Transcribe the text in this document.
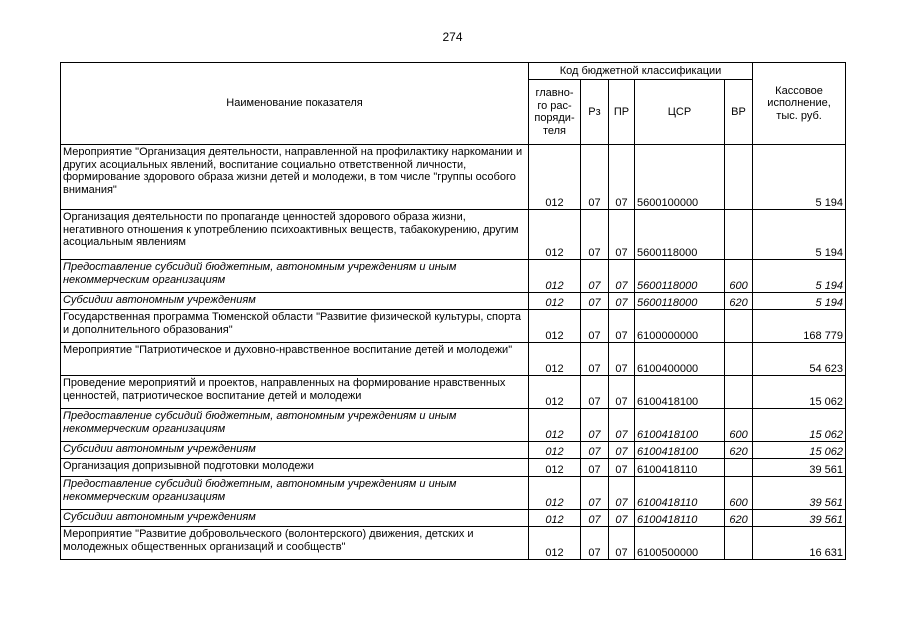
274
Наименование показателя	Код бюджетной классификации					Кассовое исполнение, тыс. руб.
	главно-го рас-поряди-теля	Рз	ПР	ЦСР	ВР	
Мероприятие "Организация деятельности, направленной на профилактику наркомании и других асоциальных явлений, воспитание социально ответственной личности, формирование здорового образа жизни детей и молодежи, в том числе "группы особого внимания"	012	07	07	5600100000		5 194
Организация деятельности по пропаганде ценностей здорового образа жизни, негативного отношения к употреблению психоактивных веществ, табакокурению, другим асоциальным явлениям	012	07	07	5600118000		5 194
Предоставление субсидий бюджетным, автономным учреждениям и иным некоммерческим организациям	012	07	07	5600118000	600	5 194
Субсидии автономным учреждениям	012	07	07	5600118000	620	5 194
Государственная программа Тюменской области "Развитие физической культуры, спорта и дополнительного образования"	012	07	07	6100000000		168 779
Мероприятие "Патриотическое и духовно-нравственное воспитание детей и молодежи"	012	07	07	6100400000		54 623
Проведение мероприятий и проектов, направленных на формирование нравственных ценностей, патриотическое воспитание детей и молодежи	012	07	07	6100418100		15 062
Предоставление субсидий бюджетным, автономным учреждениям и иным некоммерческим организациям	012	07	07	6100418100	600	15 062
Субсидии автономным учреждениям	012	07	07	6100418100	620	15 062
Организация допризывной подготовки молодежи	012	07	07	6100418110		39 561
Предоставление субсидий бюджетным, автономным учреждениям и иным некоммерческим организациям	012	07	07	6100418110	600	39 561
Субсидии автономным учреждениям	012	07	07	6100418110	620	39 561
Мероприятие "Развитие добровольческого (волонтерского) движения, детских и молодежных общественных организаций и сообществ"	012	07	07	6100500000		16 631
